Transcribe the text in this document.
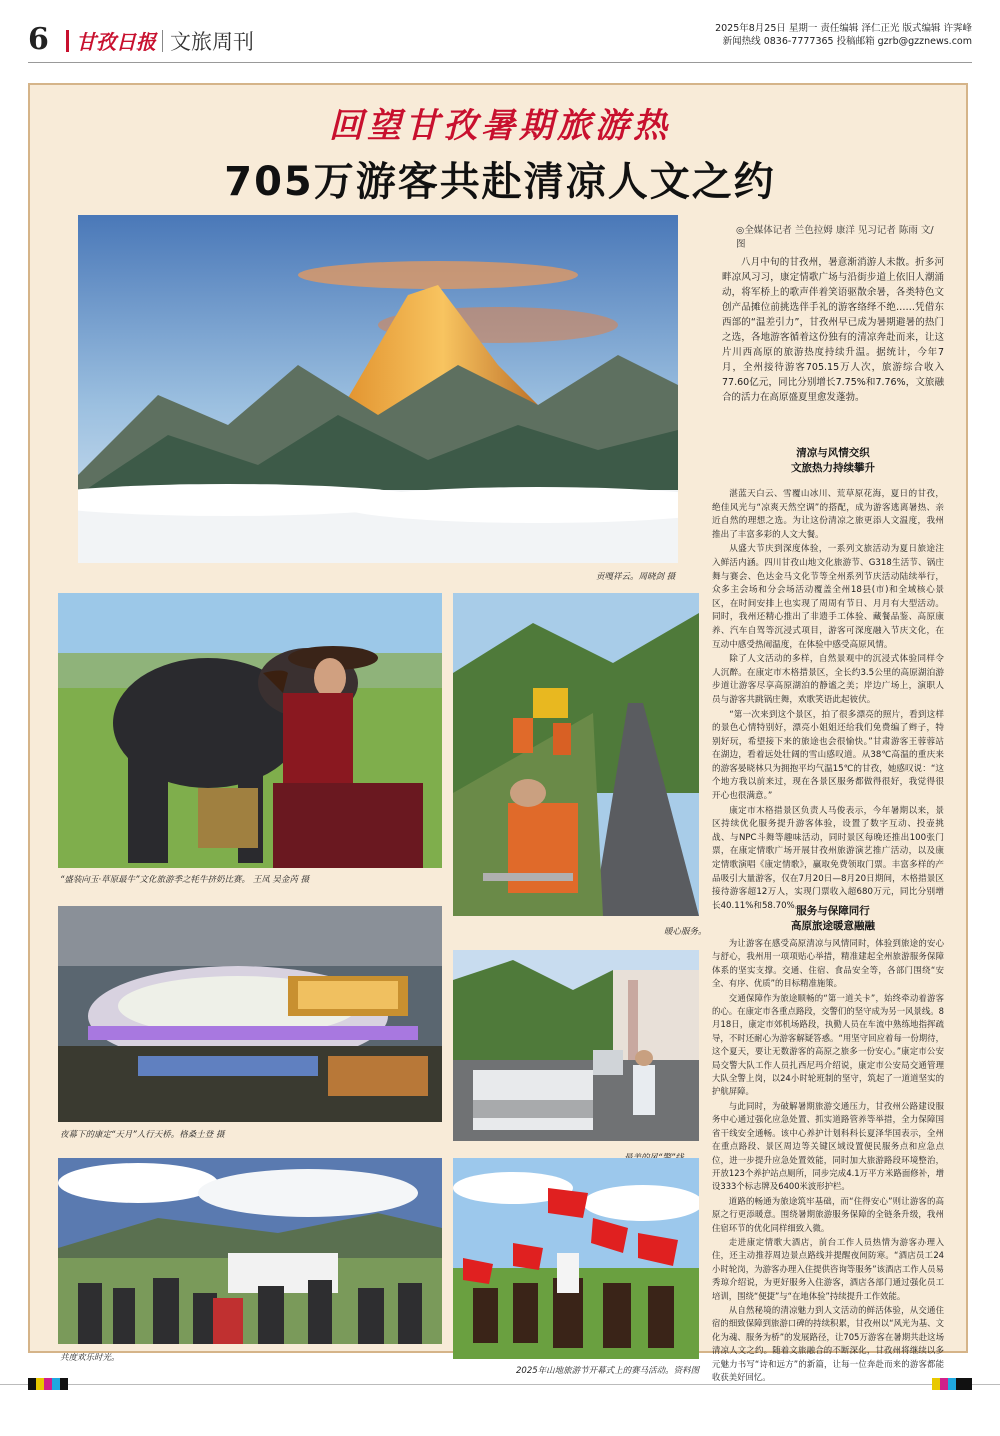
6 甘孜日报 文旅周刊
2025年8月25日 星期一 责任编辑 泽仁正光 版式编辑 许霁峰
新闻热线 0836-7777365 投稿邮箱 gzrb@gzznews.com
回望甘孜暑期旅游热
705万游客共赴清凉人文之约
贡嘎祥云。周晓剑 摄
“盛装向玉·草原最牛”文化旅游季之牦牛挤奶比赛。 王凤 吴金芮 摄
暖心服务。
夜幕下的康定“天月”人行天桥。格桑土登 摄
共度欢乐时光。
2025年山地旅游节开幕式上的赛马活动。资料图
◎全媒体记者 兰色拉姆 康洋 见习记者 陈雨 文/图

八月中旬的甘孜州，暑意渐消游人未散。折多河畔凉风习习，康定情歌广场与沿街步道上依旧人潮涌动，将军桥上的歌声伴着笑语驱散余暑，各类特色文创产品摊位前挑选伴手礼的游客络绎不绝……凭借东西部的“温差引力”，甘孜州早已成为暑期避暑的热门之选，各地游客循着这份独有的清凉奔赴而来，让这片川西高原的旅游热度持续升温。据统计，今年7月，全州接待游客705.15万人次，旅游综合收入77.60亿元，同比分别增长7.75%和7.76%，文旅融合的活力在高原盛夏里愈发蓬勃。

清凉与风情交织
文旅热力持续攀升

湛蓝天白云、雪覆山冰川、荒草原花海，夏日的甘孜，绝佳风光与“凉爽天然空调”的搭配，成为游客逃离暑热、亲近自然的理想之选。为让这份清凉之旅更添人文温度，我州推出了丰富多彩的人文大餐。

从盛大节庆到深度体验，一系列文旅活动为夏日旅途注入鲜活内涵。四川甘孜山地文化旅游节、G318生活节、锅庄舞与赛会、色达金马文化节等全州系列节庆活动陆续举行，众多主会场和分会场活动覆盖全州18县(市)和全域核心景区，在时间安排上也实现了周周有节日、月月有大型活动。同时，我州还精心推出了非遗手工体验、藏餐品鉴、高原康养、汽车自驾等沉浸式项目，游客可深度融入节庆文化，在互动中感受热闹温度，在体验中感受高原风情。

除了人文活动的多样，自然景观中的沉浸式体验同样令人沉醉。在康定市木格措景区，全长约3.5公里的高原湖泊游步道让游客尽享高原湖泊的静谧之美；岸边广场上，演职人员与游客共跳锅庄舞，欢歌笑语此起彼伏。

“第一次来到这个景区，拍了很多漂亮的照片，看到这样的景色心情特别好，漂亮小姐姐还给我们免费编了辫子，特别好玩，希望接下来的旅途也会很愉快。”甘肃游客王蓉蓉站在湖边，看着远处壮阔的雪山感叹道。从38℃高温的重庆来的游客晏晓林只为拥抱平均气温15℃的甘孜，她感叹说：“这个地方我以前来过，现在各景区服务都做得很好，我觉得很开心也很满意。”

康定市木格措景区负责人马俊表示，今年暑期以来，景区持续优化服务提升游客体验，设置了数字互动、投壶挑战、与NPC斗舞等趣味活动，同时景区每晚还推出100张门票，在康定情歌广场开展甘孜州旅游演艺推广活动，以及康定情歌演唱《康定情歌》，赢取免费领取门票。丰富多样的产品吸引大量游客，仅在7月20日—8月20日期间，木格措景区接待游客超12万人，实现门票收入超680万元，同比分别增长40.11%和58.70%。

服务与保障同行
高原旅途暖意融融

为让游客在感受高原清凉与风情同时，体验到旅途的安心与舒心，我州用一项项贴心举措，精准建起全州旅游服务保障体系的坚实支撑。交通、住宿、食品安全等，各部门围绕“安全、有序、优质”的目标精准施策。

交通保障作为旅途顺畅的“第一道关卡”，始终牵动着游客的心。在康定市各重点路段，交警们的坚守成为另一风景线。8月18日，康定市郊机场路段，执勤人员在车流中熟练地指挥疏导，不时还耐心为游客解疑答惑。“用坚守回应着每一份期待，这个夏天，要让无数游客的高原之旅多一份安心。”康定市公安局交警大队工作人员扎西尼玛介绍说，康定市公安局交通管理大队全警上岗，以24小时轮班制的坚守，筑起了一道道坚实的护航屏障。

与此同时，为破解暑期旅游交通压力，甘孜州公路建设服务中心通过强化应急处置、抓实道路管养等举措，全力保障国省干线安全通畅。该中心养护计划科科长夏泽华国表示，全州在重点路段、景区周边等关键区域设置便民服务点和应急点位，进一步提升应急处置效能，同时加大旅游路段环境整治，开放123个养护站点厕所，同步完成4.1万平方米路面修补，增设333个标志牌及6400米波形护栏。

道路的畅通为旅途筑牢基础，而“住得安心”则让游客的高原之行更添暖意。围绕暑期旅游服务保障的全链条升级，我州住宿环节的优化同样细致入微。

走进康定情歌大酒店，前台工作人员热情为游客办理入住，还主动推荐周边景点路线并提醒夜间防寒。“酒店员工24小时轮岗，为游客办理入住提供咨询等服务”该酒店工作人员易秀琼介绍说，为更好服务入住游客，酒店各部门通过强化员工培训，围绕“便捷”与“在地体验”持续提升工作效能。

从自然秘境的清凉魅力到人文活动的鲜活体验，从交通住宿的细致保障到旅游口碑的持续积累，甘孜州以“风光为基、文化为魂、服务为桥”的发展路径，让705万游客在暑期共赴这场清凉人文之约。随着文旅融合的不断深化，甘孜州将继续以多元魅力书写“诗和远方”的新篇，让每一位奔赴而来的游客都能收获美好回忆。
